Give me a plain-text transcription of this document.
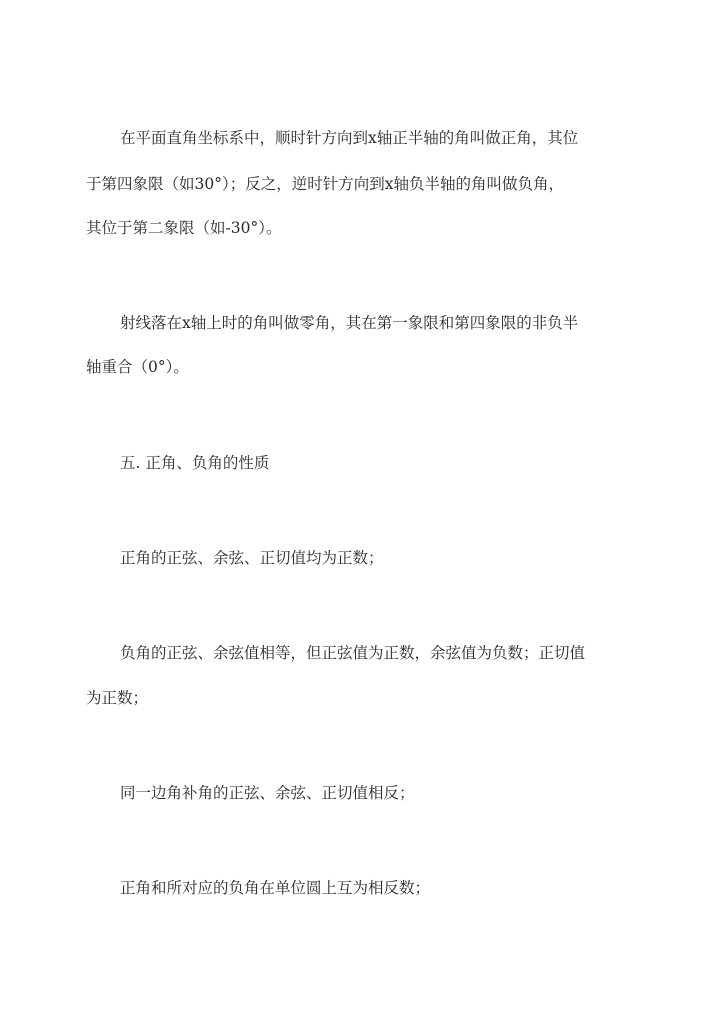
在平面直角坐标系中，顺时针方向到x轴正半轴的角叫做正角，其位
于第四象限（如30°）；反之，逆时针方向到x轴负半轴的角叫做负角，
其位于第二象限（如-30°）。
射线落在x轴上时的角叫做零角，其在第一象限和第四象限的非负半
轴重合（0°）。
五. 正角、负角的性质
正角的正弦、余弦、正切值均为正数；
负角的正弦、余弦值相等，但正弦值为正数，余弦值为负数；正切值
为正数；
同一边角补角的正弦、余弦、正切值相反；
正角和所对应的负角在单位圆上互为相反数；
